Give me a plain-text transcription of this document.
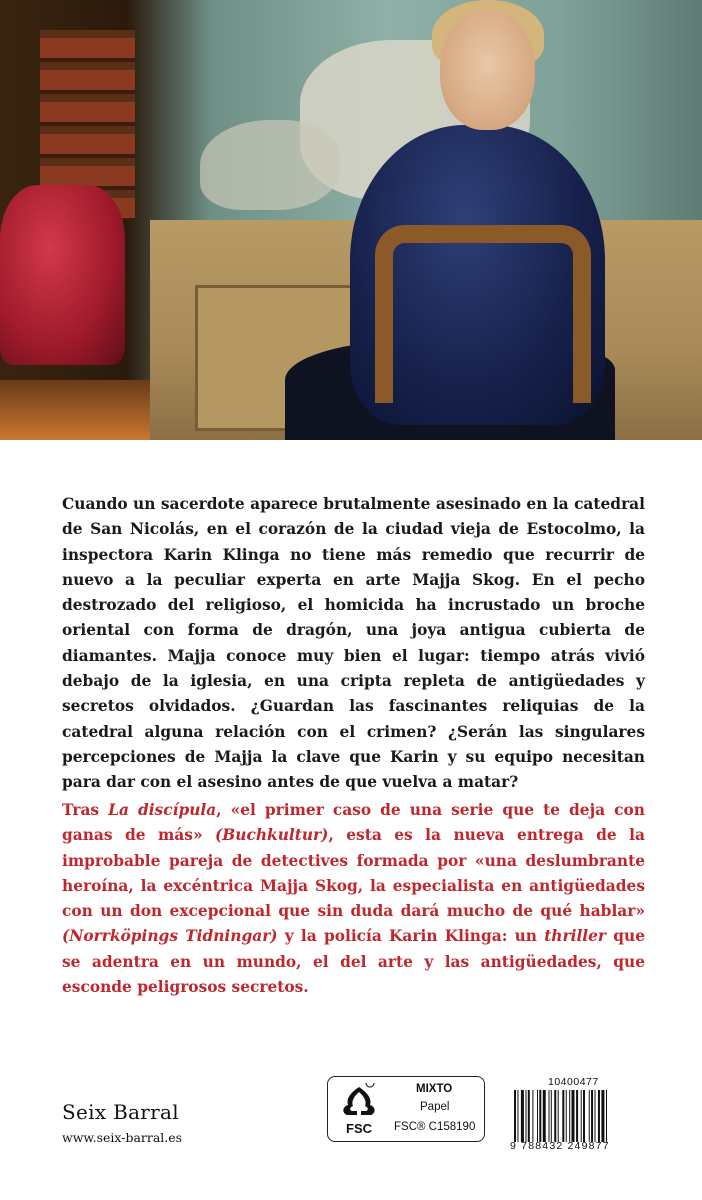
Cuando un sacerdote aparece brutalmente asesinado en la catedral de San Nicolás, en el corazón de la ciudad vieja de Estocolmo, la inspectora Karin Klinga no tiene más remedio que recurrir de nuevo a la peculiar experta en arte Majja Skog. En el pecho destrozado del religioso, el homicida ha incrustado un broche oriental con forma de dragón, una joya antigua cubierta de diamantes. Majja conoce muy bien el lugar: tiempo atrás vivió debajo de la iglesia, en una cripta repleta de antigüedades y secretos olvidados. ¿Guardan las fascinantes reliquias de la catedral alguna relación con el crimen? ¿Serán las singulares percepciones de Majja la clave que Karin y su equipo necesitan para dar con el asesino antes de que vuelva a matar?

Tras La discípula, «el primer caso de una serie que te deja con ganas de más» (Buchkultur), esta es la nueva entrega de la improbable pareja de detectives formada por «una deslumbrante heroína, la excéntrica Majja Skog, la especialista en antigüedades con un don excepcional que sin duda dará mucho de qué hablar» (Norrköpings Tidningar) y la policía Karin Klinga: un thriller que se adentra en un mundo, el del arte y las antigüedades, que esconde peligrosos secretos.

Seix Barral
www.seix-barral.es
FSC
MIXTO
Papel
FSC® C158190
10400477
9 788432 249877
